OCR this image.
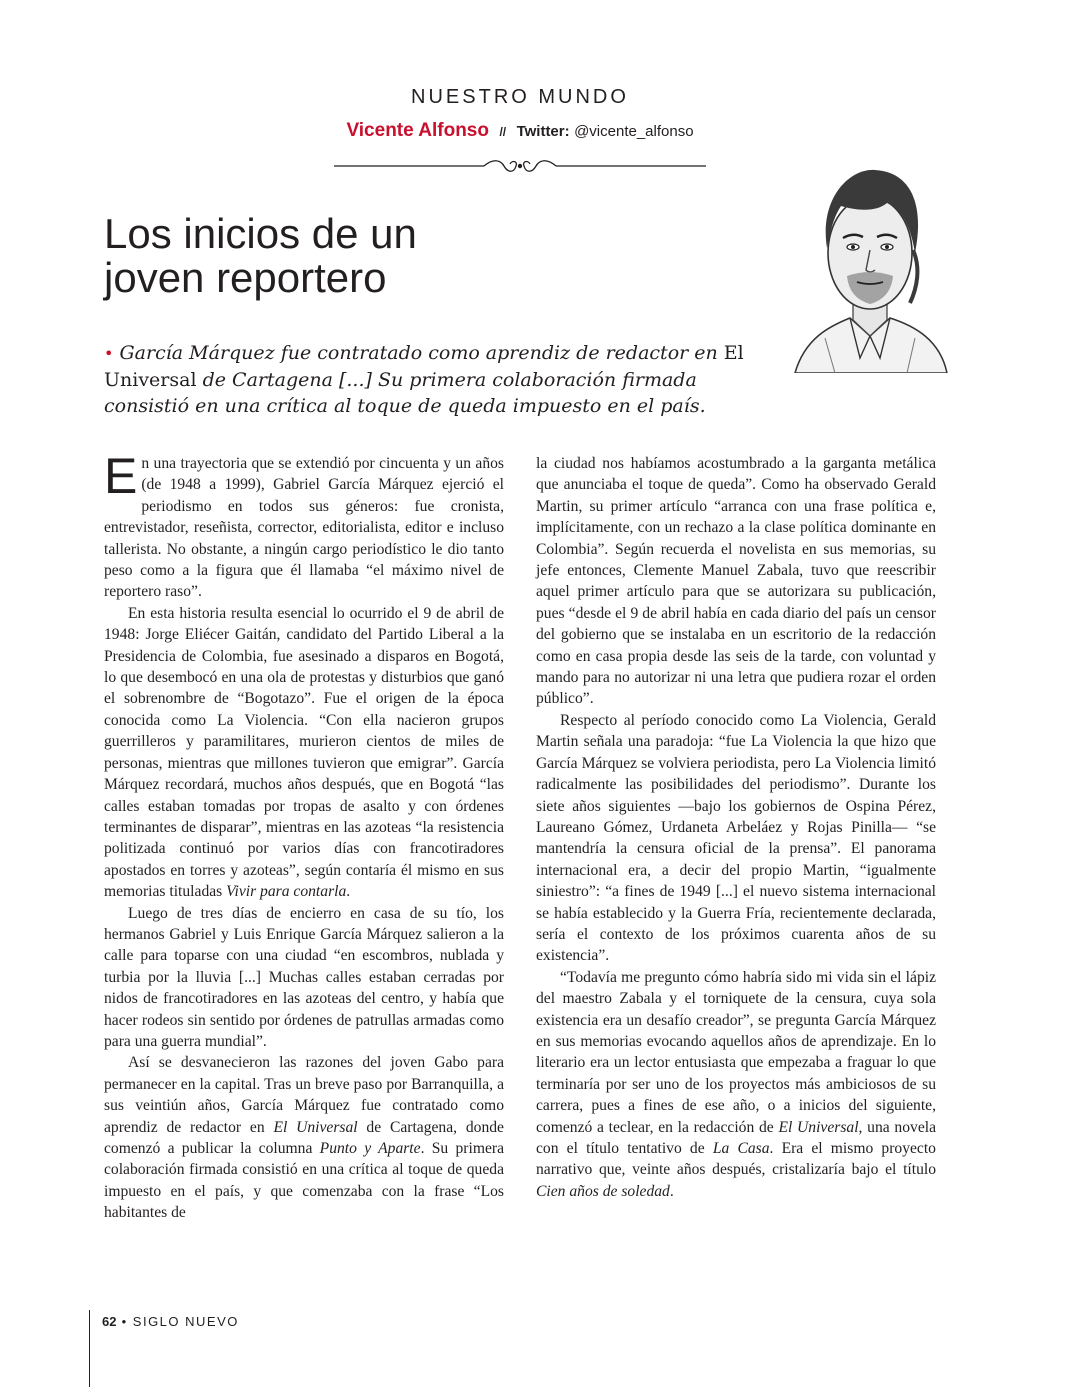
NUESTRO MUNDO
Vicente Alfonso // Twitter: @vicente_alfonso
Los inicios de un
joven reportero

• García Márquez fue contratado como aprendiz de redactor en El Universal de Cartagena [...] Su primera colaboración firmada consistió en una crítica al toque de queda impuesto en el país.

En una trayectoria que se extendió por cincuenta y un años (de 1948 a 1999), Gabriel García Márquez ejerció el periodismo en todos sus géneros: fue cronista, entrevistador, reseñista, corrector, editorialista, editor e incluso tallerista. No obstante, a ningún cargo periodístico le dio tanto peso como a la figura que él llamaba “el máximo nivel de reportero raso”.

En esta historia resulta esencial lo ocurrido el 9 de abril de 1948: Jorge Eliécer Gaitán, candidato del Partido Liberal a la Presidencia de Colombia, fue asesinado a disparos en Bogotá, lo que desembocó en una ola de protestas y disturbios que ganó el sobrenombre de “Bogotazo”. Fue el origen de la época conocida como La Violencia. “Con ella nacieron grupos guerrilleros y paramilitares, murieron cientos de miles de personas, mientras que millones tuvieron que emigrar”. García Márquez recordará, muchos años después, que en Bogotá “las calles estaban tomadas por tropas de asalto y con órdenes terminantes de disparar”, mientras en las azoteas “la resistencia politizada continuó por varios días con francotiradores apostados en torres y azoteas”, según contaría él mismo en sus memorias tituladas Vivir para contarla.

Luego de tres días de encierro en casa de su tío, los hermanos Gabriel y Luis Enrique García Márquez salieron a la calle para toparse con una ciudad “en escombros, nublada y turbia por la lluvia [...] Muchas calles estaban cerradas por nidos de francotiradores en las azoteas del centro, y había que hacer rodeos sin sentido por órdenes de patrullas armadas como para una guerra mundial”.

Así se desvanecieron las razones del joven Gabo para permanecer en la capital. Tras un breve paso por Barranquilla, a sus veintiún años, García Márquez fue contratado como aprendiz de redactor en El Universal de Cartagena, donde comenzó a publicar la columna Punto y Aparte. Su primera colaboración firmada consistió en una crítica al toque de queda impuesto en el país, y que comenzaba con la frase “Los habitantes de

la ciudad nos habíamos acostumbrado a la garganta metálica que anunciaba el toque de queda”. Como ha observado Gerald Martin, su primer artículo “arranca con una frase política e, implícitamente, con un rechazo a la clase política dominante en Colombia”. Según recuerda el novelista en sus memorias, su jefe entonces, Clemente Manuel Zabala, tuvo que reescribir aquel primer artículo para que se autorizara su publicación, pues “desde el 9 de abril había en cada diario del país un censor del gobierno que se instalaba en un escritorio de la redacción como en casa propia desde las seis de la tarde, con voluntad y mando para no autorizar ni una letra que pudiera rozar el orden público”.

Respecto al período conocido como La Violencia, Gerald Martin señala una paradoja: “fue La Violencia la que hizo que García Márquez se volviera periodista, pero La Violencia limitó radicalmente las posibilidades del periodismo”. Durante los siete años siguientes —bajo los gobiernos de Ospina Pérez, Laureano Gómez, Urdaneta Arbeláez y Rojas Pinilla— “se mantendría la censura oficial de la prensa”. El panorama internacional era, a decir del propio Martin, “igualmente siniestro”: “a fines de 1949 [...] el nuevo sistema internacional se había establecido y la Guerra Fría, recientemente declarada, sería el contexto de los próximos cuarenta años de su existencia”.

“Todavía me pregunto cómo habría sido mi vida sin el lápiz del maestro Zabala y el torniquete de la censura, cuya sola existencia era un desafío creador”, se pregunta García Márquez en sus memorias evocando aquellos años de aprendizaje. En lo literario era un lector entusiasta que empezaba a fraguar lo que terminaría por ser uno de los proyectos más ambiciosos de su carrera, pues a fines de ese año, o a inicios del siguiente, comenzó a teclear, en la redacción de El Universal, una novela con el título tentativo de La Casa. Era el mismo proyecto narrativo que, veinte años después, cristalizaría bajo el título Cien años de soledad.

62 • SIGLO NUEVO
